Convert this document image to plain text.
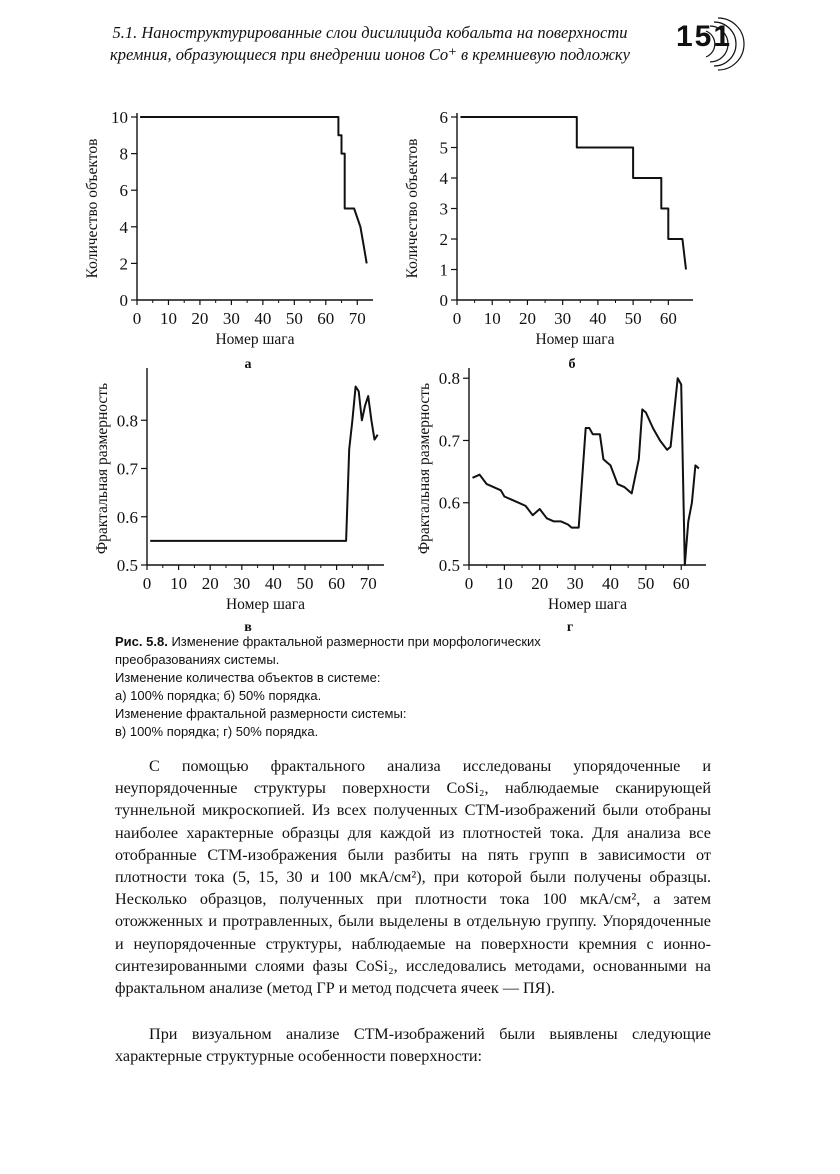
5.1. Наноструктурированные слои дисилицида кобальта на поверхности
кремния, образующиеся при внедрении ионов Co⁺ в кремниевую подложку
151
0 10 20 30 40 50 60 70
0
2
4
6
8
10
Номер шага
Количество объектов
а
0 10 20 30 40 50 60
0
1
2
3
4
5
6
Номер шага
Количество объектов
б
0 10 20 30 40 50 60 70
0.5
0.6
0.7
0.8
Номер шага
Фрактальная размерность
в
0 10 20 30 40 50 60
0.5
0.6
0.7
0.8
Номер шага
Фрактальная размерность
г
Рис. 5.8. Изменение фрактальной размерности при морфологических
преобразованиях системы.
Изменение количества объектов в системе:
а) 100% порядка; б) 50% порядка.
Изменение фрактальной размерности системы:
в) 100% порядка; г) 50% порядка.

С помощью фрактального анализа исследованы упорядоченные и неупорядоченные структуры поверхности CoSi₂, наблюдаемые сканирующей туннельной микроскопией. Из всех полученных СТМ-изображений были отобраны наиболее характерные образцы для каждой из плотностей тока. Для анализа все отобранные СТМ-изображения были разбиты на пять групп в зависимости от плотности тока (5, 15, 30 и 100 мкА/см²), при которой были получены образцы. Несколько образцов, полученных при плотности тока 100 мкА/см², а затем отожженных и протравленных, были выделены в отдельную группу. Упорядоченные и неупорядоченные структуры, наблюдаемые на поверхности кремния с ионно-синтезированными слоями фазы CoSi₂, исследовались методами, основанными на фрактальном анализе (метод ГР и метод подсчета ячеек — ПЯ).

При визуальном анализе СТМ-изображений были выявлены следующие характерные структурные особенности поверхности:
